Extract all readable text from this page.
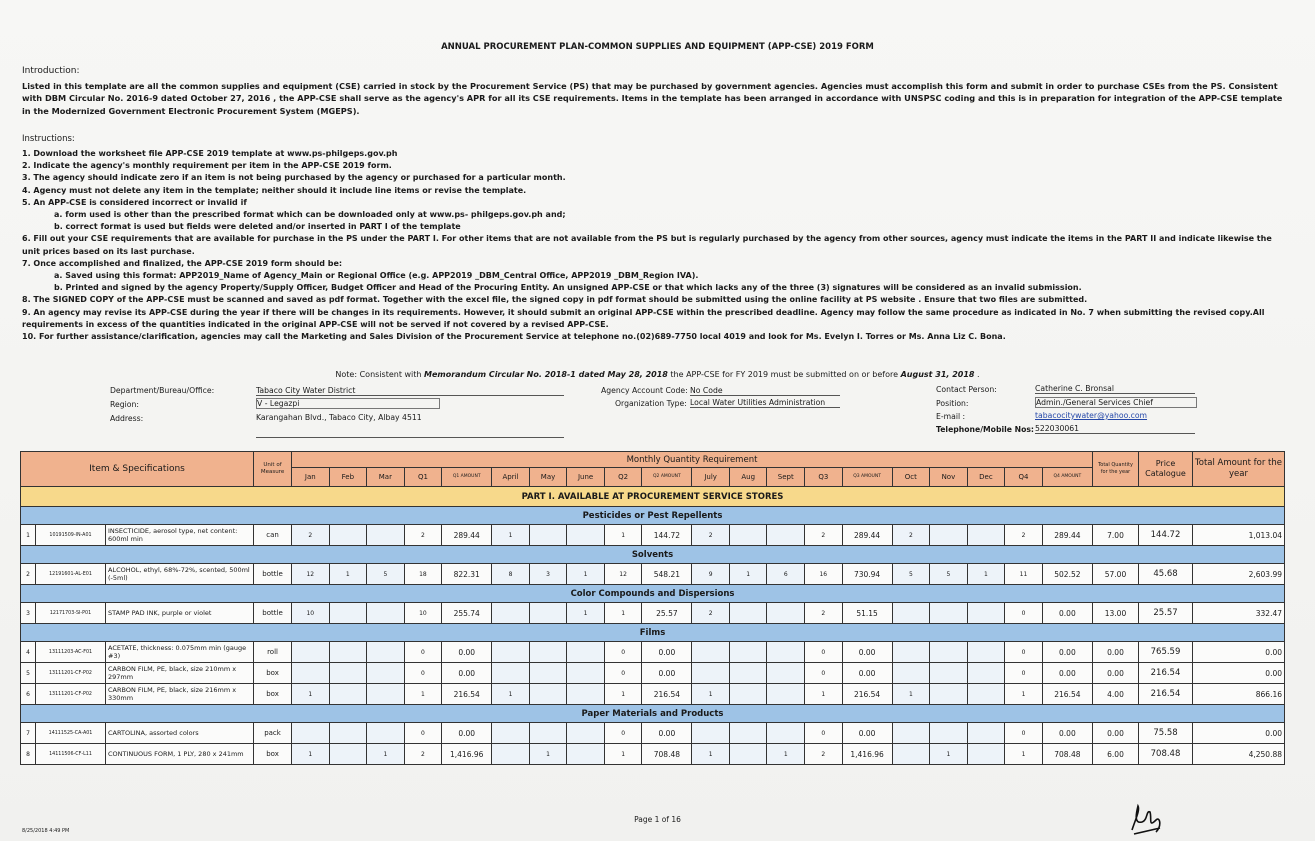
ANNUAL PROCUREMENT PLAN-COMMON SUPPLIES AND EQUIPMENT (APP-CSE) 2019 FORM
Introduction:
Listed in this template are all the common supplies and equipment (CSE) carried in stock by the Procurement Service (PS) that may be purchased by government agencies. Agencies must accomplish this form and submit in order to purchase CSEs from the PS. Consistent with DBM Circular No. 2016-9 dated October 27, 2016 , the APP-CSE shall serve as the agency's APR for all its CSE requirements. Items in the template has been arranged in accordance with UNSPSC coding and this is in preparation for integration of the APP-CSE template in the Modernized Government Electronic Procurement System (MGEPS).
Instructions:
1. Download the worksheet file APP-CSE 2019 template at www.ps-philgeps.gov.ph
2. Indicate the agency's monthly requirement per item in the APP-CSE 2019 form.
3. The agency should indicate zero if an item is not being purchased by the agency or purchased for a particular month.
4. Agency must not delete any item in the template; neither should it include line items or revise the template.
5. An APP-CSE is considered incorrect or invalid if
a. form used is other than the prescribed format which can be downloaded only at www.ps- philgeps.gov.ph and;
b. correct format is used but fields were deleted and/or inserted in PART I of the template
6. Fill out your CSE requirements that are available for purchase in the PS under the PART I. For other items that are not available from the PS but is regularly purchased by the agency from other sources, agency must indicate the items in the PART II and indicate likewise the unit prices based on its last purchase.
7. Once accomplished and finalized, the APP-CSE 2019 form should be:
a. Saved using this format: APP2019_Name of Agency_Main or Regional Office (e.g. APP2019 _DBM_Central Office, APP2019 _DBM_Region IVA).
b. Printed and signed by the agency Property/Supply Officer, Budget Officer and Head of the Procuring Entity. An unsigned APP-CSE or that which lacks any of the three (3) signatures will be considered as an invalid submission.
8. The SIGNED COPY of the APP-CSE must be scanned and saved as pdf format. Together with the excel file, the signed copy in pdf format should be submitted using the online facility at PS website . Ensure that two files are submitted.
9. An agency may revise its APP-CSE during the year if there will be changes in its requirements. However, it should submit an original APP-CSE within the prescribed deadline. Agency may follow the same procedure as indicated in No. 7 when submitting the revised copy.All requirements in excess of the quantities indicated in the original APP-CSE will not be served if not covered by a revised APP-CSE.
10. For further assistance/clarification, agencies may call the Marketing and Sales Division of the Procurement Service at telephone no.(02)689-7750 local 4019 and look for Ms. Evelyn I. Torres or Ms. Anna Liz C. Bona.
Note: Consistent with Memorandum Circular No. 2018-1 dated May 28, 2018 the APP-CSE for FY 2019 must be submitted on or before August 31, 2018 .
Department/Bureau/Office:	Tabaco City Water District
Region:	V - Legazpi
Address:	Karangahan Blvd., Tabaco City, Albay 4511
Agency Account Code: No Code
Organization Type: Local Water Utilities Administration
Contact Person:	Catherine C. Bronsal
Position:	Admin./General Services Chief
E-mail :	tabacocitywater@yahoo.com
Telephone/Mobile Nos: 522030061
Item & Specifications			Unit of Measure	Monthly Quantity Requirement																				Total Quantity for the year	Price Catalogue	Total Amount for the year
				Jan	Feb	Mar	Q1	Q1 AMOUNT	April	May	June	Q2	Q2 AMOUNT	July	Aug	Sept	Q3	Q3 AMOUNT	Oct	Nov	Dec	Q4	Q4 AMOUNT			
PART I. AVAILABLE AT PROCUREMENT SERVICE STORES																										
Pesticides or Pest Repellents																										
1	10191509-IN-A01	INSECTICIDE, aerosol type, net content: 600ml min	can	2			2	289.44	1			1	144.72	2			2	289.44	2			2	289.44	7.00	144.72	1,013.04
Solvents																										
2	12191601-AL-E01	ALCOHOL, ethyl, 68%-72%, scented, 500ml (-5ml)	bottle	12	1	5	18	822.31	8	3	1	12	548.21	9	1	6	16	730.94	5	5	1	11	502.52	57.00	45.68	2,603.99
Color Compounds and Dispersions																										
3	12171703-SI-P01	STAMP PAD INK, purple or violet	bottle	10			10	255.74			1	1	25.57	2			2	51.15				0	0.00	13.00	25.57	332.47
Films																										
4	13111203-AC-F01	ACETATE, thickness: 0.075mm min (gauge #3)	roll				0	0.00				0	0.00				0	0.00				0	0.00	0.00	765.59	0.00
5	13111201-CF-P02	CARBON FILM, PE, black, size 210mm x 297mm	box				0	0.00				0	0.00				0	0.00				0	0.00	0.00	216.54	0.00
6	13111201-CF-P02	CARBON FILM, PE, black, size 216mm x 330mm	box	1			1	216.54	1			1	216.54	1			1	216.54	1			1	216.54	4.00	216.54	866.16
Paper Materials and Products																										
7	14111525-CA-A01	CARTOLINA, assorted colors	pack				0	0.00				0	0.00				0	0.00				0	0.00	0.00	75.58	0.00
8	14111506-CF-L11	CONTINUOUS FORM, 1 PLY, 280 x 241mm	box	1		1	2	1,416.96		1		1	708.48	1		1	2	1,416.96		1		1	708.48	6.00	708.48	4,250.88
Page 1 of 16
8/25/2018 4:49 PM
